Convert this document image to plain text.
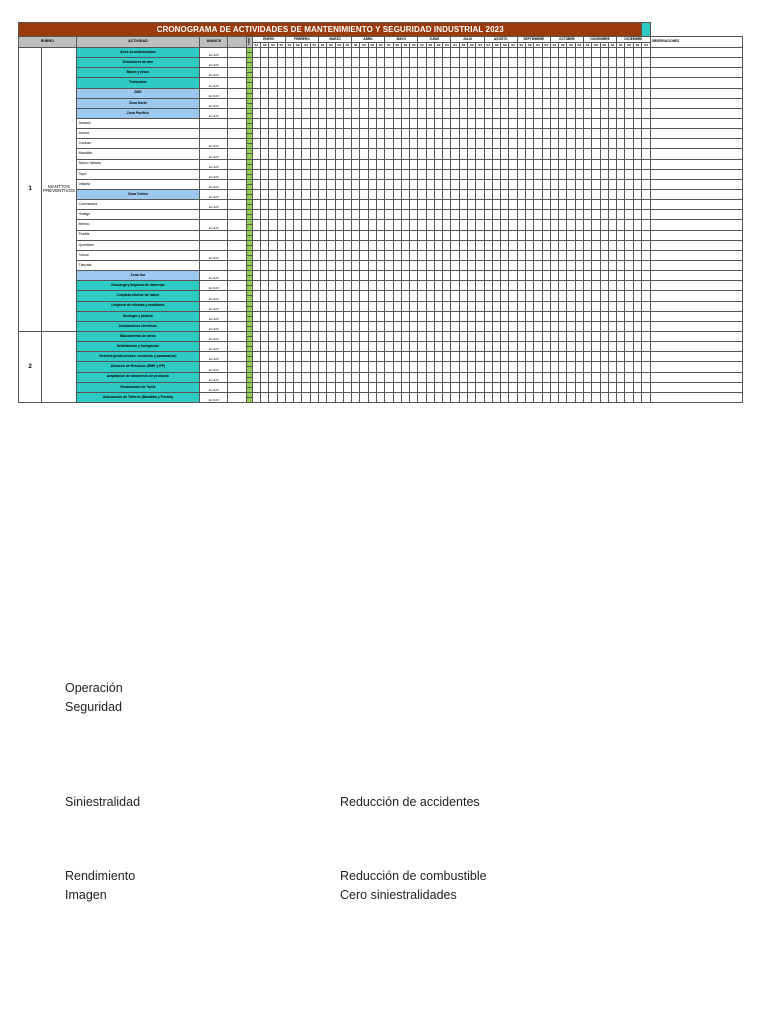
CRONOGRAMA DE ACTIVIDADES DE MANTENIMIENTO Y SEGURIDAD INDUSTRIAL 2023																																																						
RUBRO		ACTIVIDAD	AVANCE		TIPO	ENERO				FEBRERO				MARZO				ABRIL				MAYO				JUNIO				JULIO				AGOSTO				SEPTIEMBRE				OCTUBRE				NOVIEMBRE				DICIEMBRE				OBSERVACIONES
						S1	S2	S3	S4	S1	S2	S3	S4	S1	S2	S3	S4	S1	S2	S3	S4	S1	S2	S3	S4	S1	S2	S3	S4	S1	S2	S3	S4	S1	S2	S3	S4	S1	S2	S3	S4	S1	S2	S3	S4	S1	S2	S3	S4	S1	S2	S3	S4	
1	MANTTOS PREVENTIVOS	Aires Acondicionados	En 023		

		Extractores de aire	En 023		

		Bases y pisos	En 023		

		Techumbre	En 023		

		ZMG	En 023		

		Zona Norte	En 023		

		Zona Pacífico	En 023		

		Abasolo			

		Aurora			

		Cocinas	En 023		

		Mazatlán	En 023		

		Nuevo Vallarta	En 023		

		Tepic	En 023		

		Vallarta	En 023		

		Zona Centro	En 023		

		Cuernavaca	En 023		

		Hidalgo			

		México	En 023		

		Puebla			

		Querétaro			

		Toluca	En 023		

		Tlaxcala			

		Zona Sur	En 023		

		Descarga y limpieza de cisternas	En 023		

		Limpieza interior de naves	En 023		

		Limpieza de oficinas y mobiliario	En 023		

		Bodegas y pintura	En 023		

		Instalaciones eléctricas	En 023		

2		Balizamiento de áreas	En 023		

		Señalización y fumigación	En 023		

		Herrería (protecciones, escaleras y pasamanos)	En 023		

		Almacén de Residuos (RME y RP)	En 023		

		Ampliación de almacenes de producto	En 023		

		Reubicación de Tarifa	En 023		

		Adecuación de Talleres (Mazatlán y Puebla)	En 023		

Operación

Seguridad

Siniestralidad	Reducción de accidentes

Rendimiento

Imagen

Reducción de combustible

Cero siniestralidades
